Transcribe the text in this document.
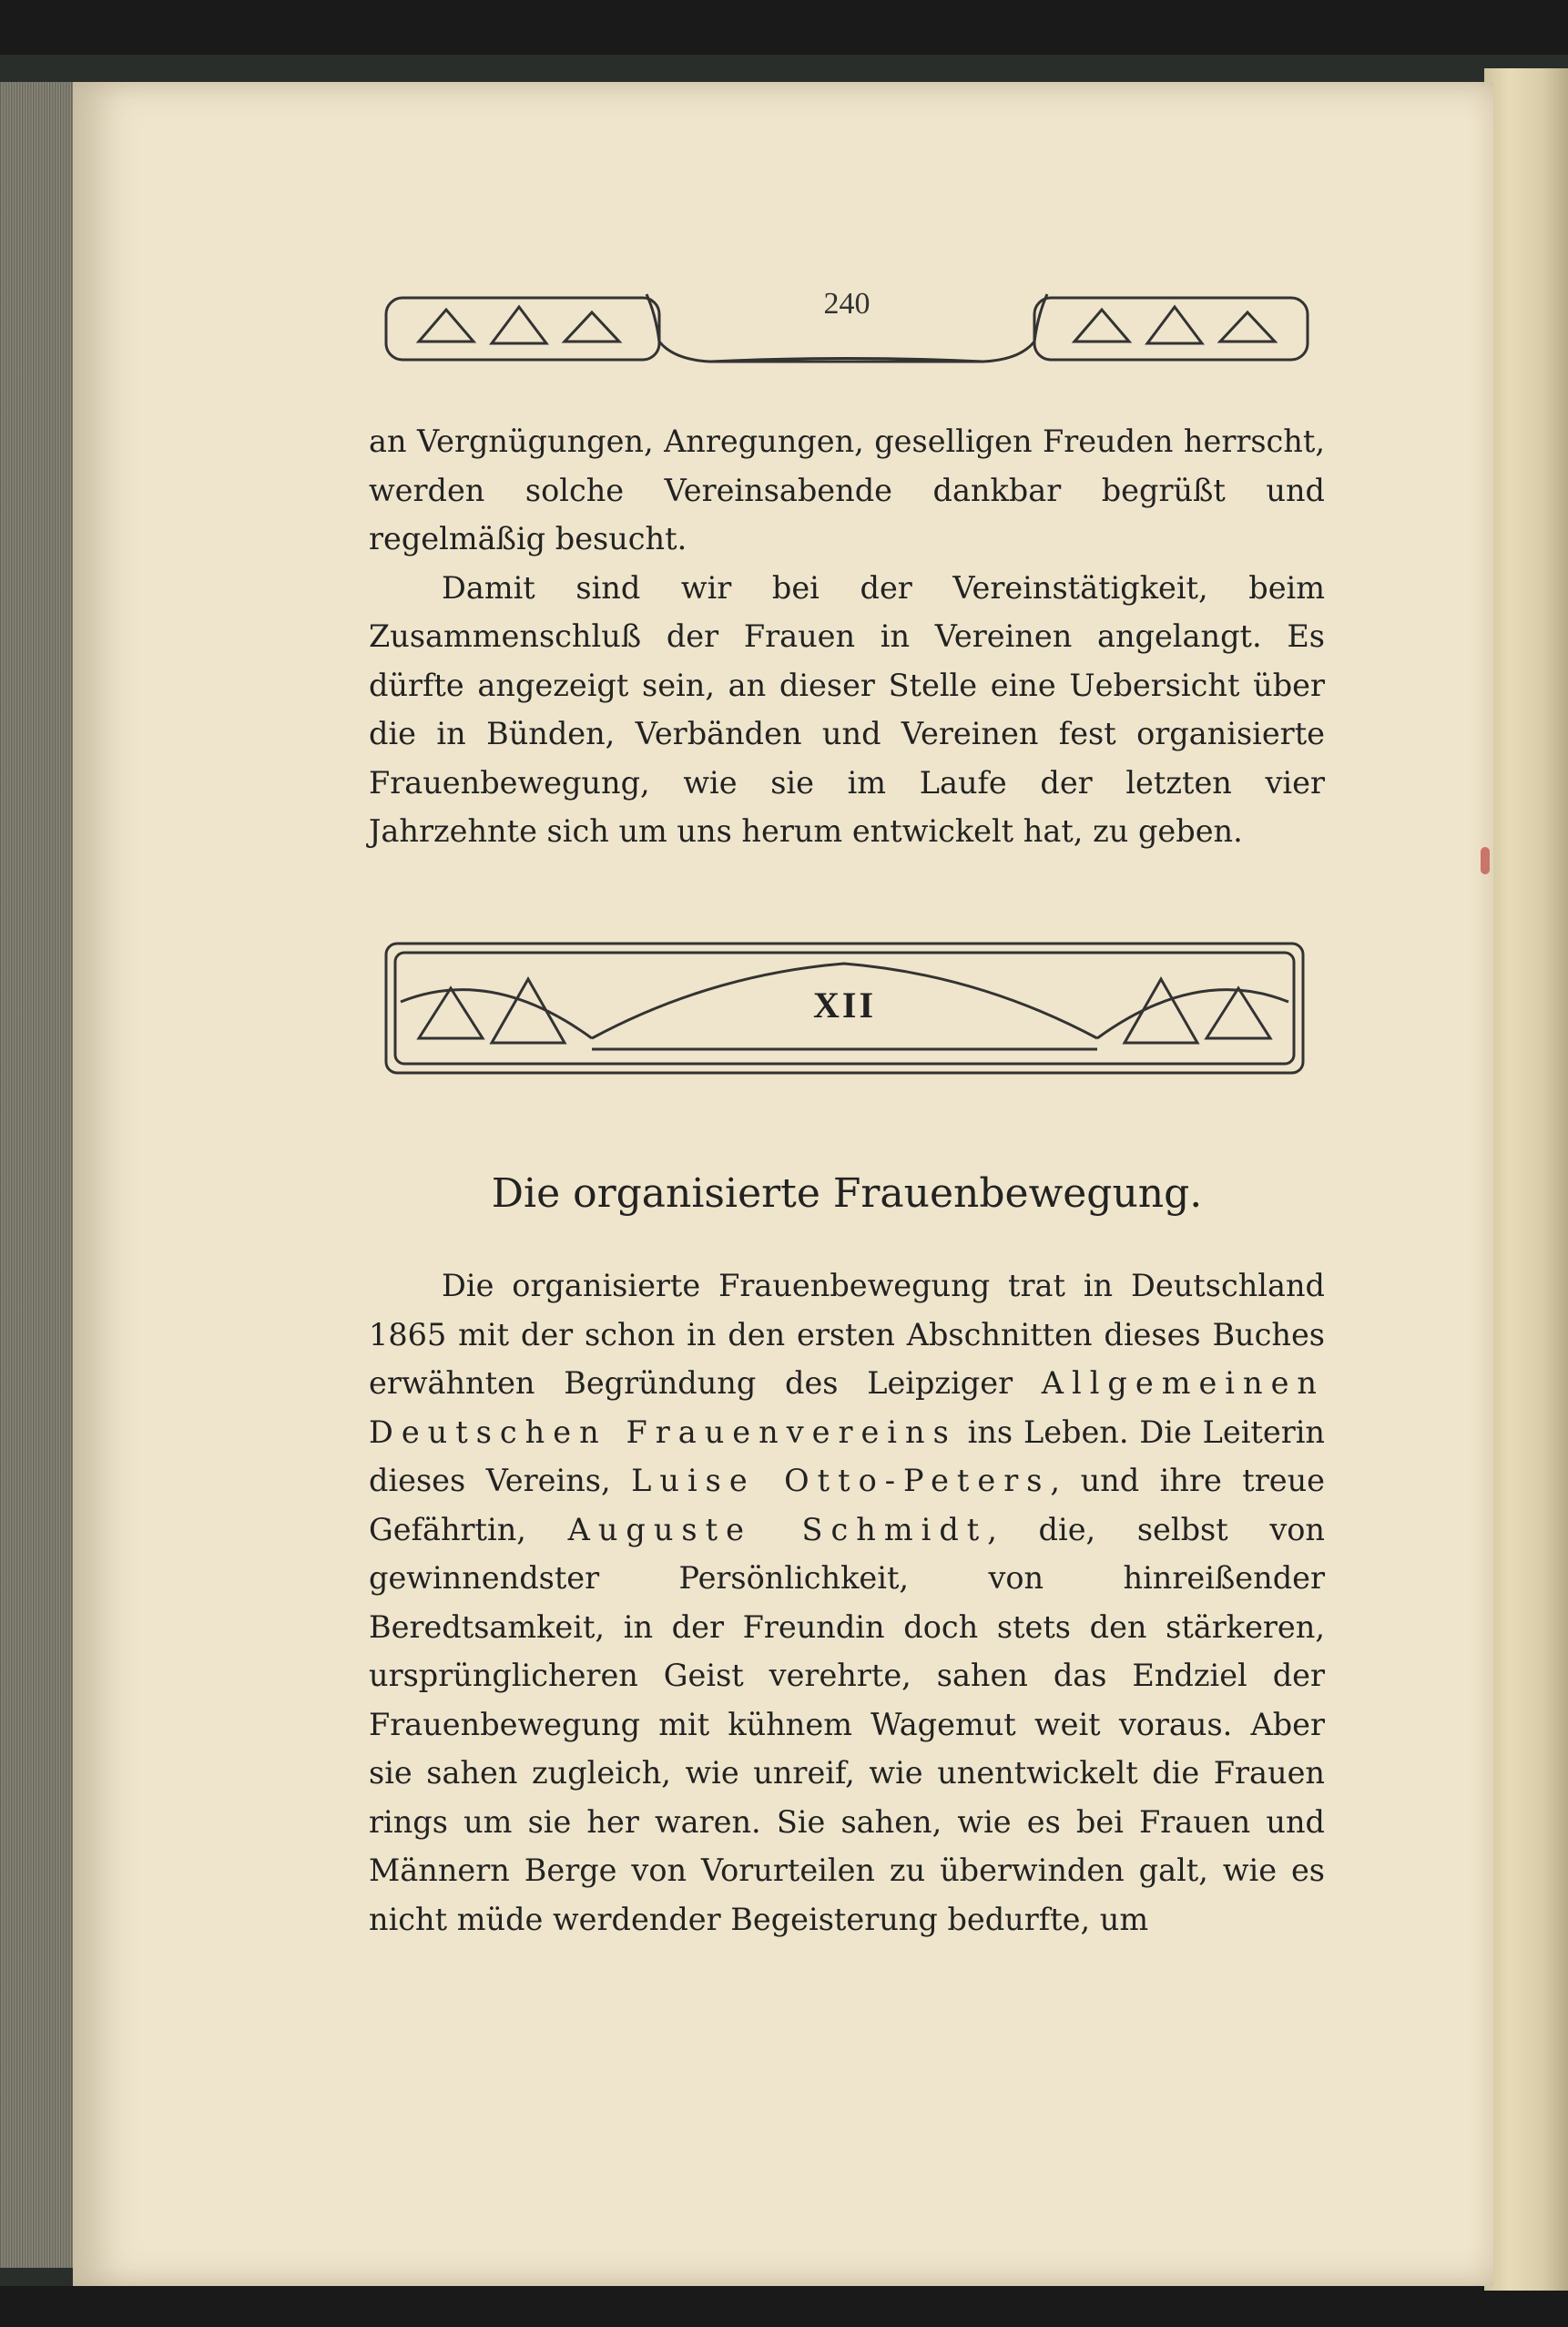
240

an Vergnügungen, Anregungen, geselligen Freuden herrscht, werden solche Vereinsabende dankbar begrüßt und regelmäßig besucht.

Damit sind wir bei der Vereinstätigkeit, beim Zusammenschluß der Frauen in Vereinen angelangt. Es dürfte angezeigt sein, an dieser Stelle eine Uebersicht über die in Bünden, Verbänden und Vereinen fest organisierte Frauenbewegung, wie sie im Laufe der letzten vier Jahrzehnte sich um uns herum entwickelt hat, zu geben.

XII
Die organisierte Frauenbewegung.

Die organisierte Frauenbewegung trat in Deutschland 1865 mit der schon in den ersten Abschnitten dieses Buches erwähnten Begründung des Leipziger Allgemeinen Deutschen Frauenvereins ins Leben. Die Leiterin dieses Vereins, Luise Otto-Peters, und ihre treue Gefährtin, Auguste Schmidt, die, selbst von gewinnendster Persönlichkeit, von hinreißender Beredtsamkeit, in der Freundin doch stets den stärkeren, ursprünglicheren Geist verehrte, sahen das Endziel der Frauenbewegung mit kühnem Wagemut weit voraus. Aber sie sahen zugleich, wie unreif, wie unentwickelt die Frauen rings um sie her waren. Sie sahen, wie es bei Frauen und Männern Berge von Vorurteilen zu überwinden galt, wie es nicht müde werdender Begeisterung bedurfte, um
